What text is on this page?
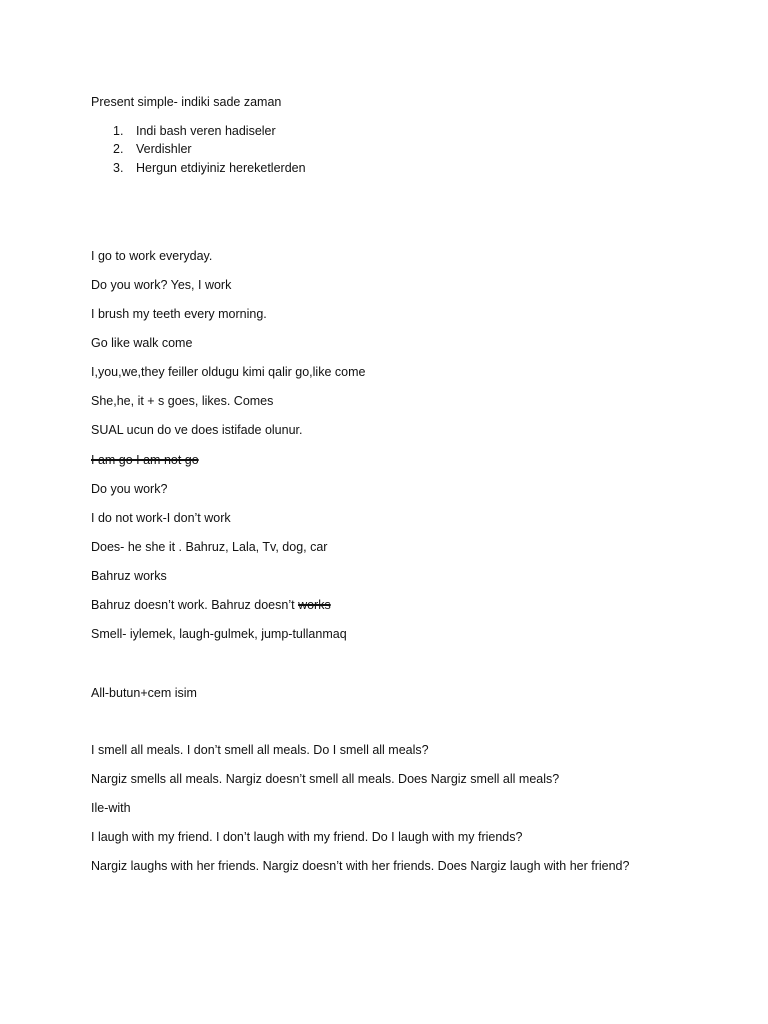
Present simple- indiki sade zaman
1. Indi bash veren hadiseler
2. Verdishler
3. Hergun etdiyiniz hereketlerden
I go to work everyday.
Do you work? Yes, I work
I brush my teeth every morning.
Go like walk come
I,you,we,they feiller oldugu kimi qalir go,like come
She,he, it + s goes, likes. Comes
SUAL ucun do ve does istifade olunur.
I am go I am not go
Do you work?
I do not work-I don’t work
Does- he she it . Bahruz, Lala, Tv, dog, car
Bahruz works
Bahruz doesn’t work. Bahruz doesn’t works
Smell- iylemek, laugh-gulmek, jump-tullanmaq
All-butun+cem isim
I smell all meals. I don’t smell all meals. Do I smell all meals?
Nargiz smells all meals. Nargiz doesn’t smell all meals. Does Nargiz smell all meals?
Ile-with
I laugh with my friend. I don’t laugh with my friend. Do I laugh with my friends?
Nargiz laughs with her friends. Nargiz doesn’t with her friends. Does Nargiz laugh with her friend?
